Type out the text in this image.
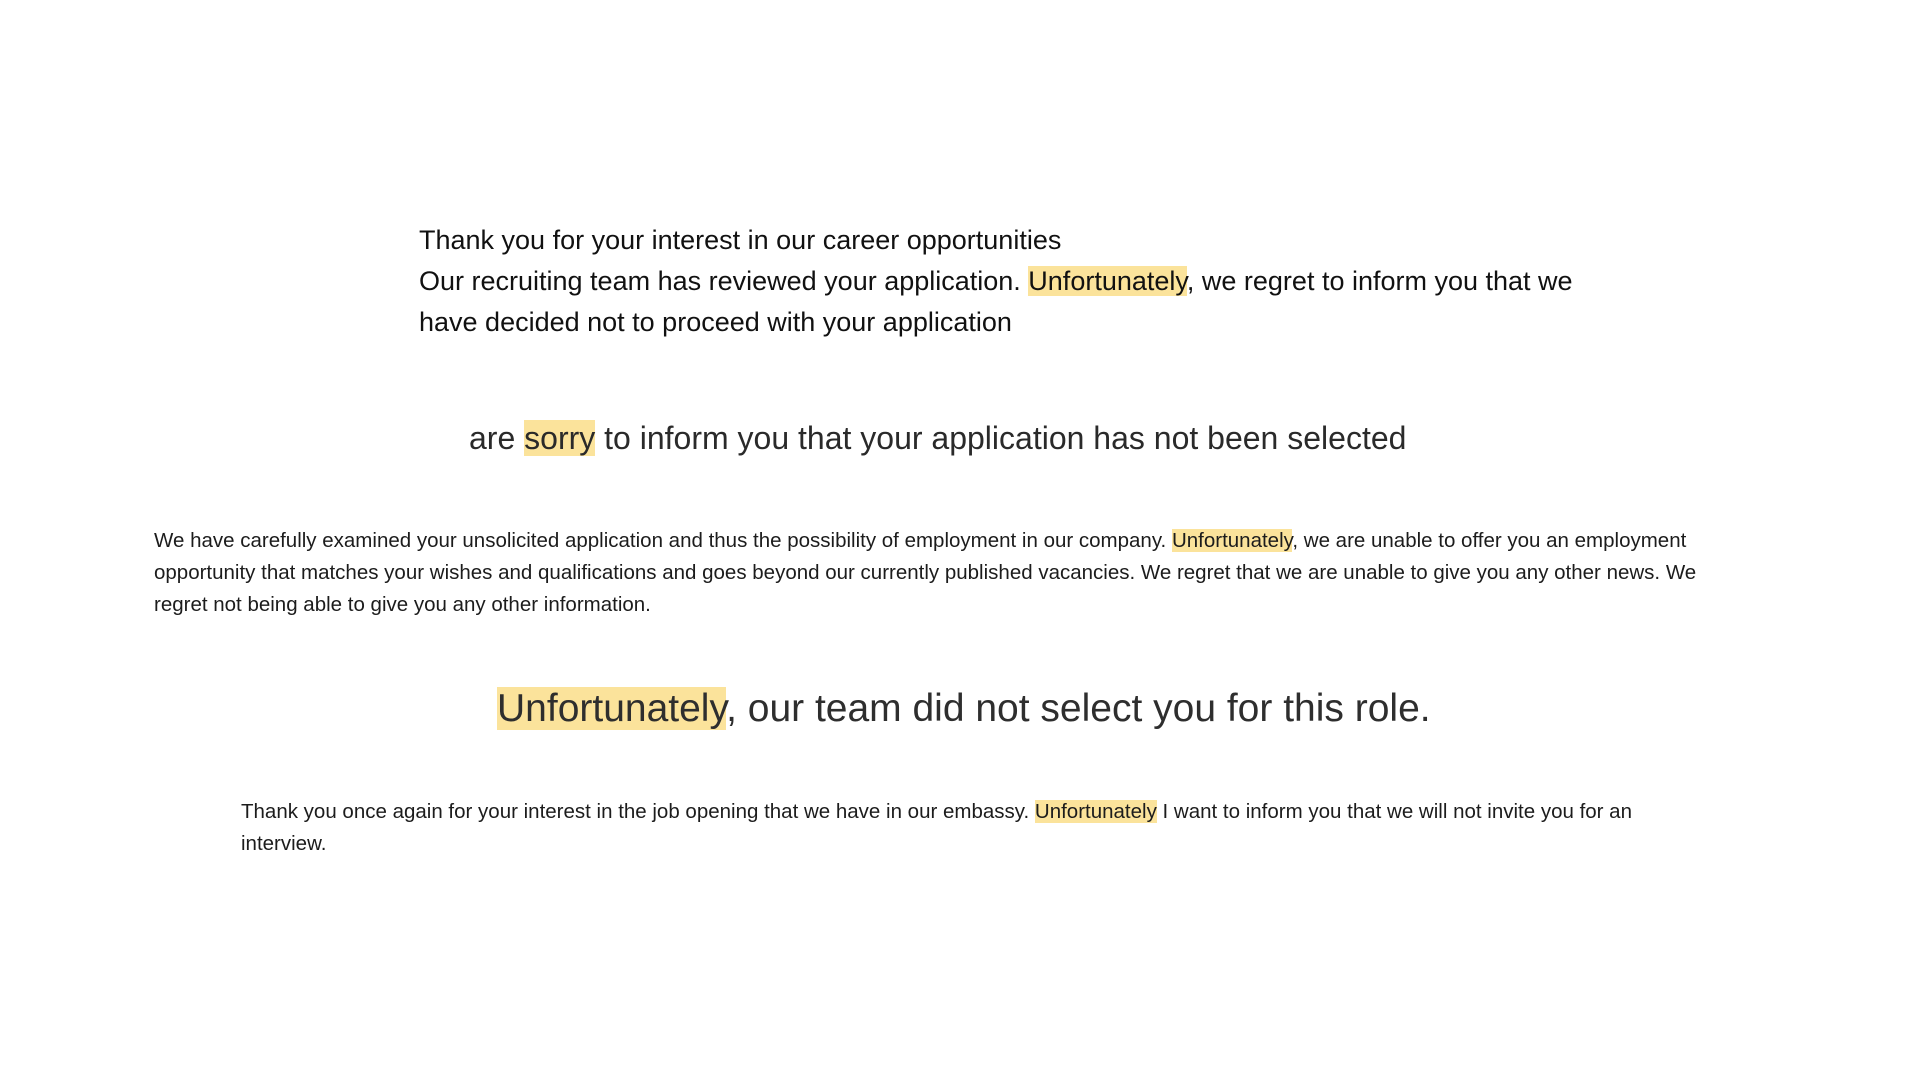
Thank you for your interest in our career opportunities
Our recruiting team has reviewed your application. Unfortunately, we regret to inform you that we
have decided not to proceed with your application
are sorry to inform you that your application has not been selected
We have carefully examined your unsolicited application and thus the possibility of employment in our company. Unfortunately, we are unable to offer you an employment
opportunity that matches your wishes and qualifications and goes beyond our currently published vacancies. We regret that we are unable to give you any other news. We
regret not being able to give you any other information.
Unfortunately, our team did not select you for this role.
Thank you once again for your interest in the job opening that we have in our embassy. Unfortunately I want to inform you that we will not invite you for an
interview.
